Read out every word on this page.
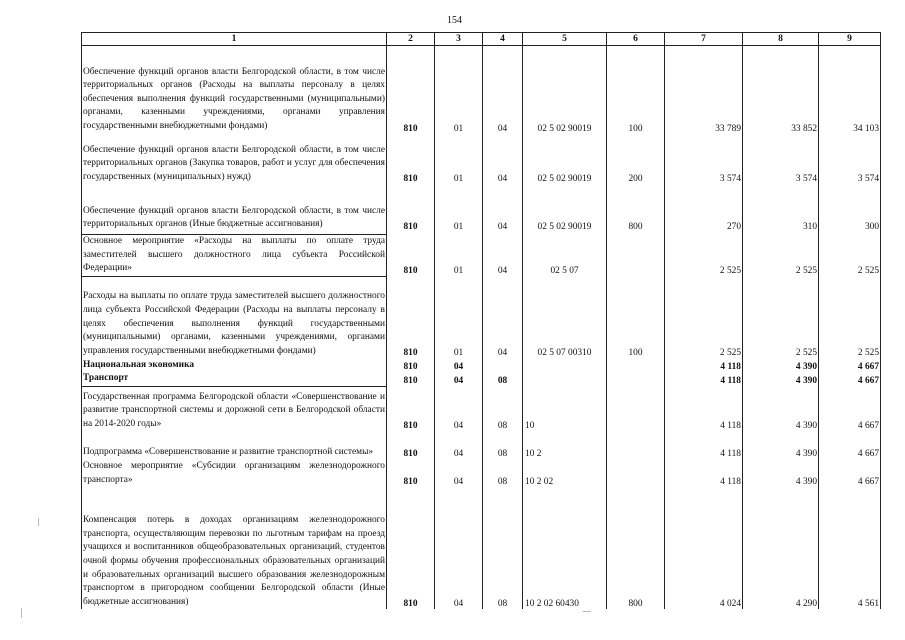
154
1	2	3	4	5	6	7	8	9
Обеспечение функций органов власти Белгородской области, в том числе территориальных органов (Расходы на выплаты персоналу в целях обеспечения выполнения функций государственными (муниципальными) органами, казенными учреждениями, органами управления государственными внебюджетными фондами)	810	01	04	02 5 02 90019	100	33 789	33 852	34 103
Обеспечение функций органов власти Белгородской области, в том числе территориальных органов (Закупка товаров, работ и услуг для обеспечения государственных (муниципальных) нужд)	810	01	04	02 5 02 90019	200	3 574	3 574	3 574
Обеспечение функций органов власти Белгородской области, в том числе территориальных органов (Иные бюджетные ассигнования)	810	01	04	02 5 02 90019	800	270	310	300
Основное мероприятие «Расходы на выплаты по оплате труда заместителей высшего должностного лица субъекта Российской Федерации»	810	01	04	02 5 07		2 525	2 525	2 525
Расходы на выплаты по оплате труда заместителей высшего должностного лица субъекта Российской Федерации (Расходы на выплаты персоналу в целях обеспечения выполнения функций государственными (муниципальными) органами, казенными учреждениями, органами управления государственными внебюджетными фондами)	810	01	04	02 5 07 00310	100	2 525	2 525	2 525
Национальная экономика	810	04				4 118	4 390	4 667
Транспорт	810	04	08			4 118	4 390	4 667
Государственная программа Белгородской области «Совершенствование и развитие транспортной системы и дорожной сети в Белгородской области на 2014-2020 годы»	810	04	08	10		4 118	4 390	4 667
Подпрограмма «Совершенствование и развитие транспортной системы»	810	04	08	10 2		4 118	4 390	4 667
Основное мероприятие «Субсидии организациям железнодорожного транспорта»	810	04	08	10 2 02		4 118	4 390	4 667
Компенсация потерь в доходах организациям железнодорожного транспорта, осуществляющим перевозки по льготным тарифам на проезд учащихся и воспитанников общеобразовательных организаций, студентов очной формы обучения профессиональных образовательных организаций и образовательных организаций высшего образования железнодорожным транспортом в пригородном сообщении Белгородской области (Иные бюджетные ассигнования)	810	04	08	10 2 02 60430	800	4 024	4 290	4 561
